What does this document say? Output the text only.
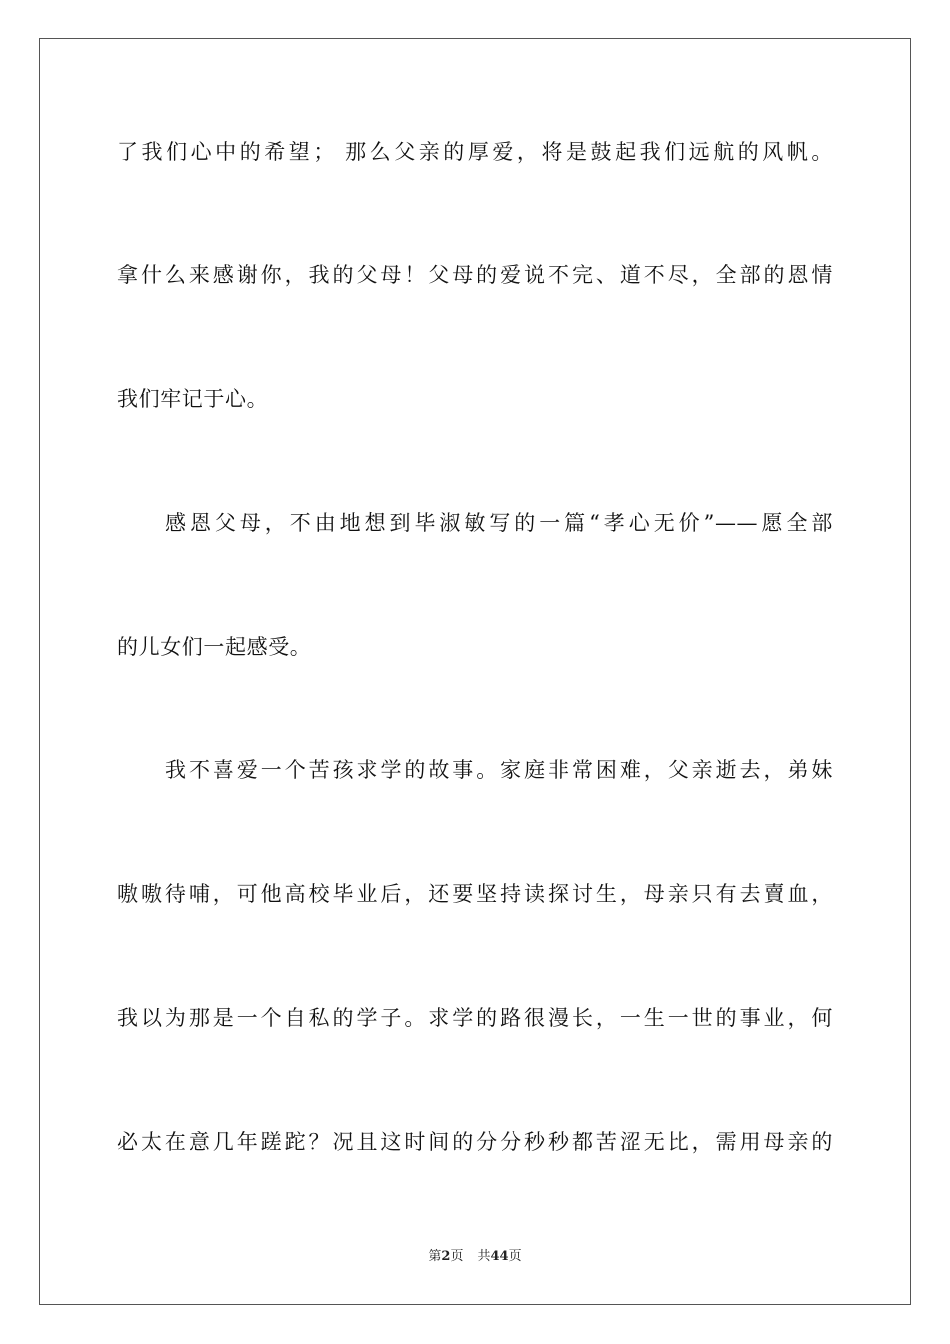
了我们心中的希望； 那么父亲的厚爱，将是鼓起我们远航的风帆。
拿什么来感谢你，我的父母！父母的爱说不完、道不尽，全部的恩情
我们牢记于心。
感恩父母，不由地想到毕淑敏写的一篇“孝心无价”——愿全部
的儿女们一起感受。
我不喜爱一个苦孩求学的故事。家庭非常困难，父亲逝去，弟妹
嗷嗷待哺，可他高校毕业后，还要坚持读探讨生，母亲只有去賣血，
我以为那是一个自私的学子。求学的路很漫长，一生一世的事业，何
必太在意几年蹉跎？况且这时间的分分秒秒都苦涩无比，需用母亲的
第2页 共44页
